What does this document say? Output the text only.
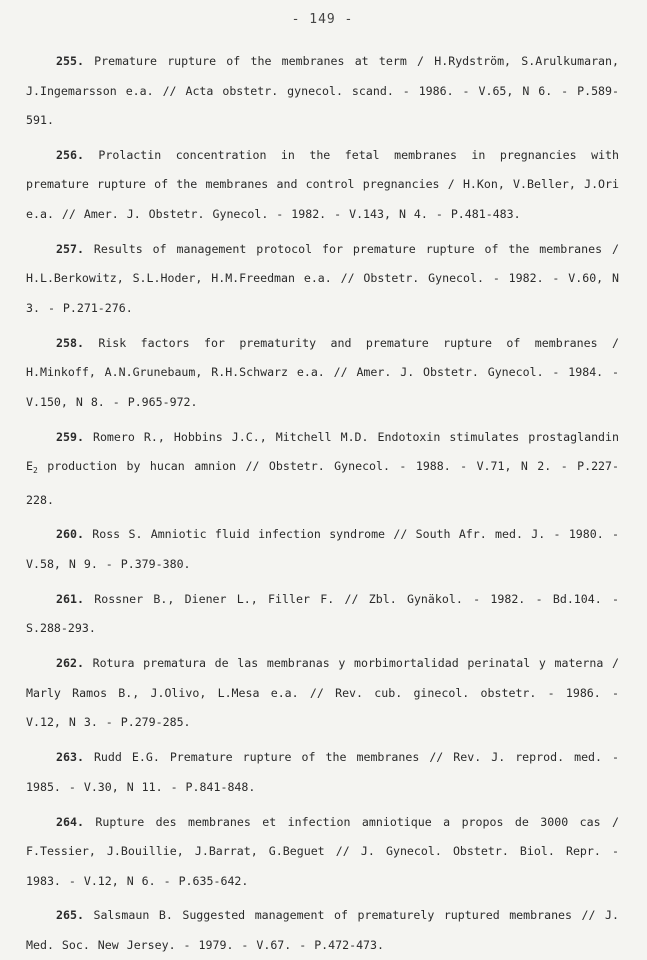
- 149 -

255. Premature rupture of the membranes at term / H.Rydström, S.Arulkumaran, J.Ingemarsson e.a. // Acta obstetr. gynecol. scand. - 1986. - V.65, N 6. - P.589-591.

256. Prolactin concentration in the fetal membranes in pregnancies with premature rupture of the membranes and control pregnancies / H.Kon, V.Beller, J.Ori e.a. // Amer. J. Obstetr. Gynecol. - 1982. - V.143, N 4. - P.481-483.

257. Results of management protocol for premature rupture of the membranes / H.L.Berkowitz, S.L.Hoder, H.M.Freedman e.a. // Obstetr. Gynecol. - 1982. - V.60, N 3. - P.271-276.

258. Risk factors for prematurity and premature rupture of membranes / H.Minkoff, A.N.Grunebaum, R.H.Schwarz e.a. // Amer. J. Obstetr. Gynecol. - 1984. - V.150, N 8. - P.965-972.

259. Romero R., Hobbins J.C., Mitchell M.D. Endotoxin stimulates prostaglandin $E_2$ production by hucan amnion // Obstetr. Gynecol. - 1988. - V.71, N 2. - P.227-228.

260. Ross S. Amniotic fluid infection syndrome // South Afr. med. J. - 1980. - V.58, N 9. - P.379-380.

261. Rossner B., Diener L., Filler F. // Zbl. Gynäkol. - 1982. - Bd.104. - S.288-293.

262. Rotura prematura de las membranas y morbimortalidad perinatal y materna / Marly Ramos B., J.Olivo, L.Mesa e.a. // Rev. cub. ginecol. obstetr. - 1986. - V.12, N 3. - P.279-285.

263. Rudd E.G. Premature rupture of the membranes // Rev. J. reprod. med. - 1985. - V.30, N 11. - P.841-848.

264. Rupture des membranes et infection amniotique a propos de 3000 cas / F.Tessier, J.Bouillie, J.Barrat, G.Beguet // J. Gynecol. Obstetr. Biol. Repr. - 1983. - V.12, N 6. - P.635-642.

265. Salsmaun B. Suggested management of prematurely ruptured membranes // J. Med. Soc. New Jersey. - 1979. - V.67. - P.472-473.
